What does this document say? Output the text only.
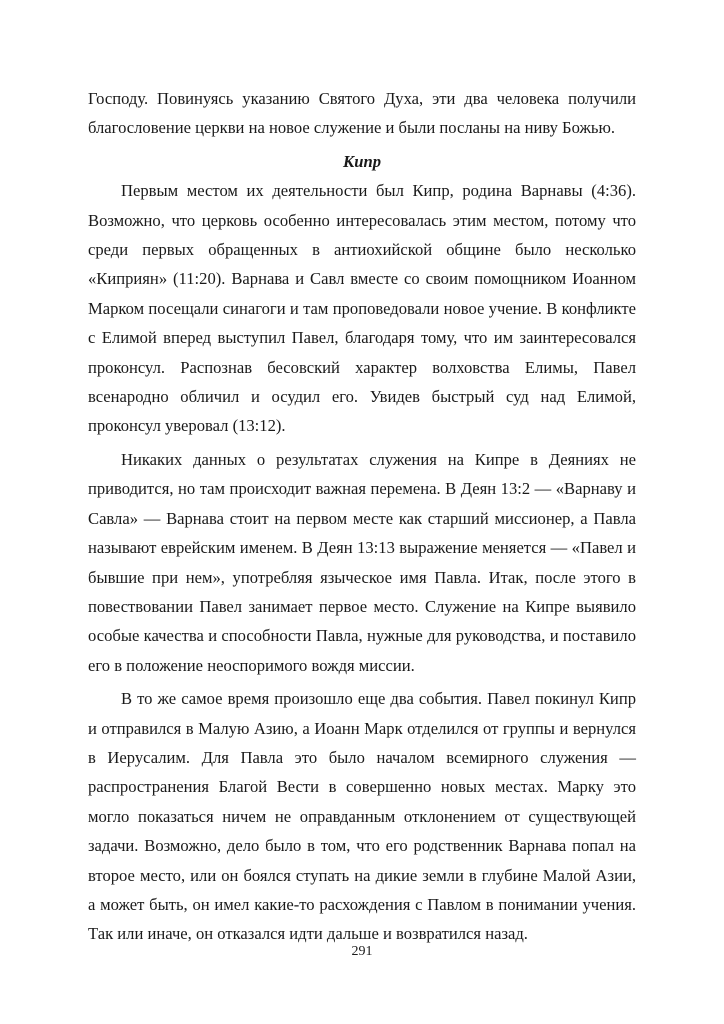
Господу. Повинуясь указанию Святого Духа, эти два человека получили благословение церкви на новое служение и были посланы на ниву Божью.

Кипр

Первым местом их деятельности был Кипр, родина Варнавы (4:36). Возможно, что церковь особенно интересовалась этим местом, потому что среди первых обращенных в антиохийской общине было несколько «Киприян» (11:20). Варнава и Савл вместе со своим помощником Иоанном Марком посещали синагоги и там проповедовали новое учение. В конфликте с Елимой вперед выступил Павел, благодаря тому, что им заинтересовался проконсул. Распознав бесовский характер волховства Елимы, Павел всенародно обличил и осудил его. Увидев быстрый суд над Елимой, проконсул уверовал (13:12).

Никаких данных о результатах служения на Кипре в Деяниях не приводится, но там происходит важная перемена. В Деян 13:2 — «Варнаву и Савла» — Варнава стоит на первом месте как старший миссионер, а Павла называют еврейским именем. В Деян 13:13 выражение меняется — «Павел и бывшие при нем», употребляя языческое имя Павла. Итак, после этого в повествовании Павел занимает первое место. Служение на Кипре выявило особые качества и способности Павла, нужные для руководства, и поставило его в положение неоспоримого вождя миссии.

В то же самое время произошло еще два события. Павел покинул Кипр и отправился в Малую Азию, а Иоанн Марк отделился от группы и вернулся в Иерусалим. Для Павла это было началом всемирного служения — распространения Благой Вести в совершенно новых местах. Марку это могло показаться ничем не оправданным отклонением от существующей задачи. Возможно, дело было в том, что его родственник Варнава попал на второе место, или он боялся ступать на дикие земли в глубине Малой Азии, а может быть, он имел какие-то расхождения с Павлом в понимании учения. Так или иначе, он отказался идти дальше и возвратился назад.

291
